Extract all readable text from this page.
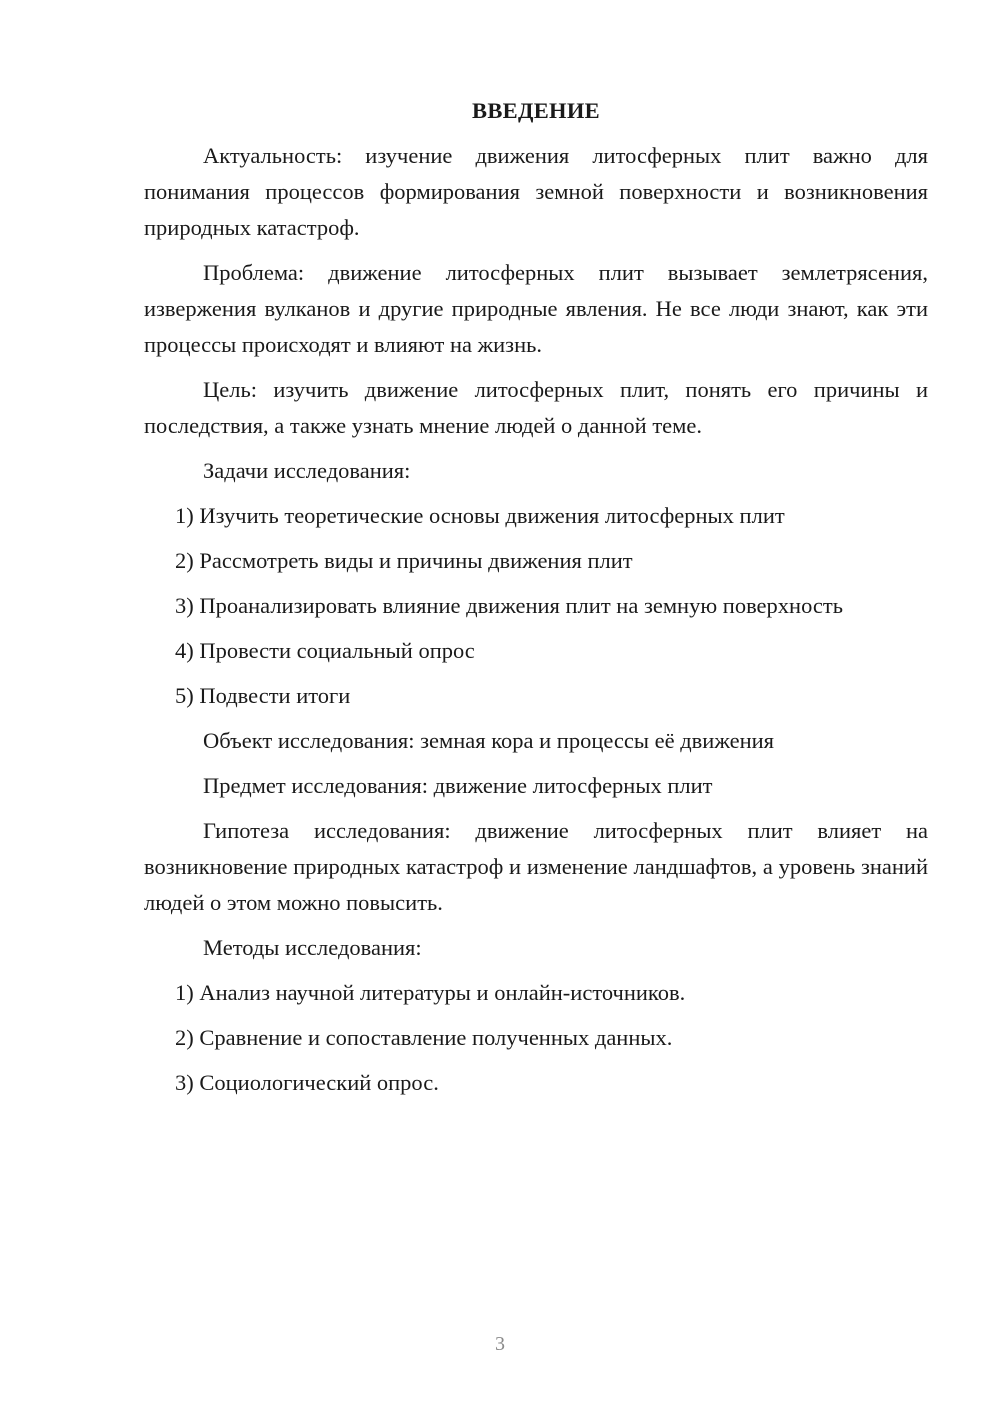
ВВЕДЕНИЕ

Актуальность: изучение движения литосферных плит важно для понимания процессов формирования земной поверхности и возникновения природных катастроф.

Проблема: движение литосферных плит вызывает землетрясения, извержения вулканов и другие природные явления. Не все люди знают, как эти процессы происходят и влияют на жизнь.

Цель: изучить движение литосферных плит, понять его причины и последствия, а также узнать мнение людей о данной теме.

Задачи исследования:

1) Изучить теоретические основы движения литосферных плит
2) Рассмотреть виды и причины движения плит
3) Проанализировать влияние движения плит на земную поверхность
4) Провести социальный опрос
5) Подвести итоги

Объект исследования: земная кора и процессы её движения

Предмет исследования: движение литосферных плит

Гипотеза исследования: движение литосферных плит влияет на возникновение природных катастроф и изменение ландшафтов, а уровень знаний людей о этом можно повысить.

Методы исследования:

1) Анализ научной литературы и онлайн-источников.
2) Сравнение и сопоставление полученных данных.
3) Социологический опрос.
3
